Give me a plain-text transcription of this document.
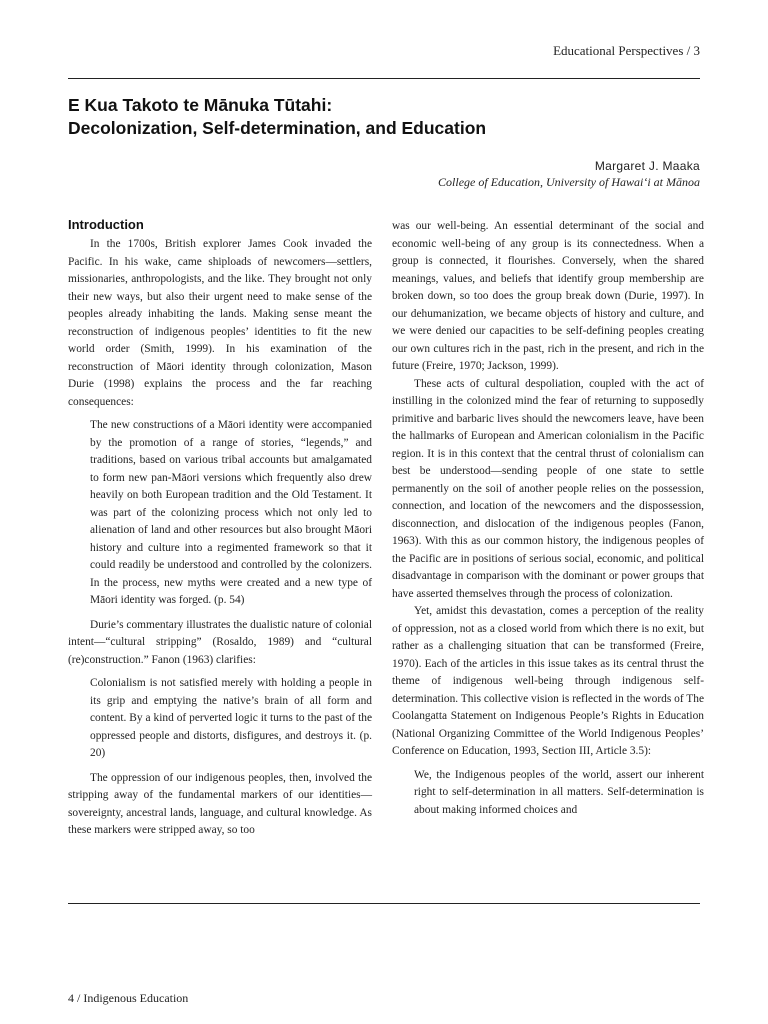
Educational Perspectives / 3
E Kua Takoto te Mānuka Tūtahi:
Decolonization, Self-determination, and Education
Margaret J. Maaka
College of Education, University of Hawai‘i at Mānoa
Introduction

In the 1700s, British explorer James Cook invaded the Pacific. In his wake, came shiploads of newcomers—settlers, missionaries, anthropologists, and the like. They brought not only their new ways, but also their urgent need to make sense of the peoples already inhabiting the lands. Making sense meant the reconstruction of indigenous peoples’ identities to fit the new world order (Smith, 1999). In his examination of the reconstruction of Māori identity through colonization, Mason Durie (1998) explains the process and the far reaching consequences:

The new constructions of a Māori identity were accompanied by the promotion of a range of stories, “legends,” and traditions, based on various tribal accounts but amalgamated to form new pan-Māori versions which frequently also drew heavily on both European tradition and the Old Testament. It was part of the colonizing process which not only led to alienation of land and other resources but also brought Māori history and culture into a regimented framework so that it could readily be understood and controlled by the colonizers. In the process, new myths were created and a new type of Māori identity was forged. (p. 54)

Durie’s commentary illustrates the dualistic nature of colonial intent—“cultural stripping” (Rosaldo, 1989) and “cultural (re)construction.” Fanon (1963) clarifies:

Colonialism is not satisfied merely with holding a people in its grip and emptying the native’s brain of all form and content. By a kind of perverted logic it turns to the past of the oppressed people and distorts, disfigures, and destroys it. (p. 20)

The oppression of our indigenous peoples, then, involved the stripping away of the fundamental markers of our identities—sovereignty, ancestral lands, language, and cultural knowledge. As these markers were stripped away, so too

was our well-being. An essential determinant of the social and economic well-being of any group is its connectedness. When a group is connected, it flourishes. Conversely, when the shared meanings, values, and beliefs that identify group membership are broken down, so too does the group break down (Durie, 1997). In our dehumanization, we became objects of history and culture, and we were denied our capacities to be self-defining peoples creating our own cultures rich in the past, rich in the present, and rich in the future (Freire, 1970; Jackson, 1999).

These acts of cultural despoliation, coupled with the act of instilling in the colonized mind the fear of returning to supposedly primitive and barbaric lives should the newcomers leave, have been the hallmarks of European and American colonialism in the Pacific region. It is in this context that the central thrust of colonialism can best be understood—sending people of one state to settle permanently on the soil of another people relies on the possession, connection, and location of the newcomers and the dispossession, disconnection, and dislocation of the indigenous peoples (Fanon, 1963). With this as our common history, the indigenous peoples of the Pacific are in positions of serious social, economic, and political disadvantage in comparison with the dominant or power groups that have asserted themselves through the process of colonization.

Yet, amidst this devastation, comes a perception of the reality of oppression, not as a closed world from which there is no exit, but rather as a challenging situation that can be transformed (Freire, 1970). Each of the articles in this issue takes as its central thrust the theme of indigenous well-being through indigenous self-determination. This collective vision is reflected in the words of The Coolangatta Statement on Indigenous People’s Rights in Education (National Organizing Committee of the World Indigenous Peoples’ Conference on Education, 1993, Section III, Article 3.5):

We, the Indigenous peoples of the world, assert our inherent right to self-determination in all matters. Self-determination is about making informed choices and
4 / Indigenous Education
